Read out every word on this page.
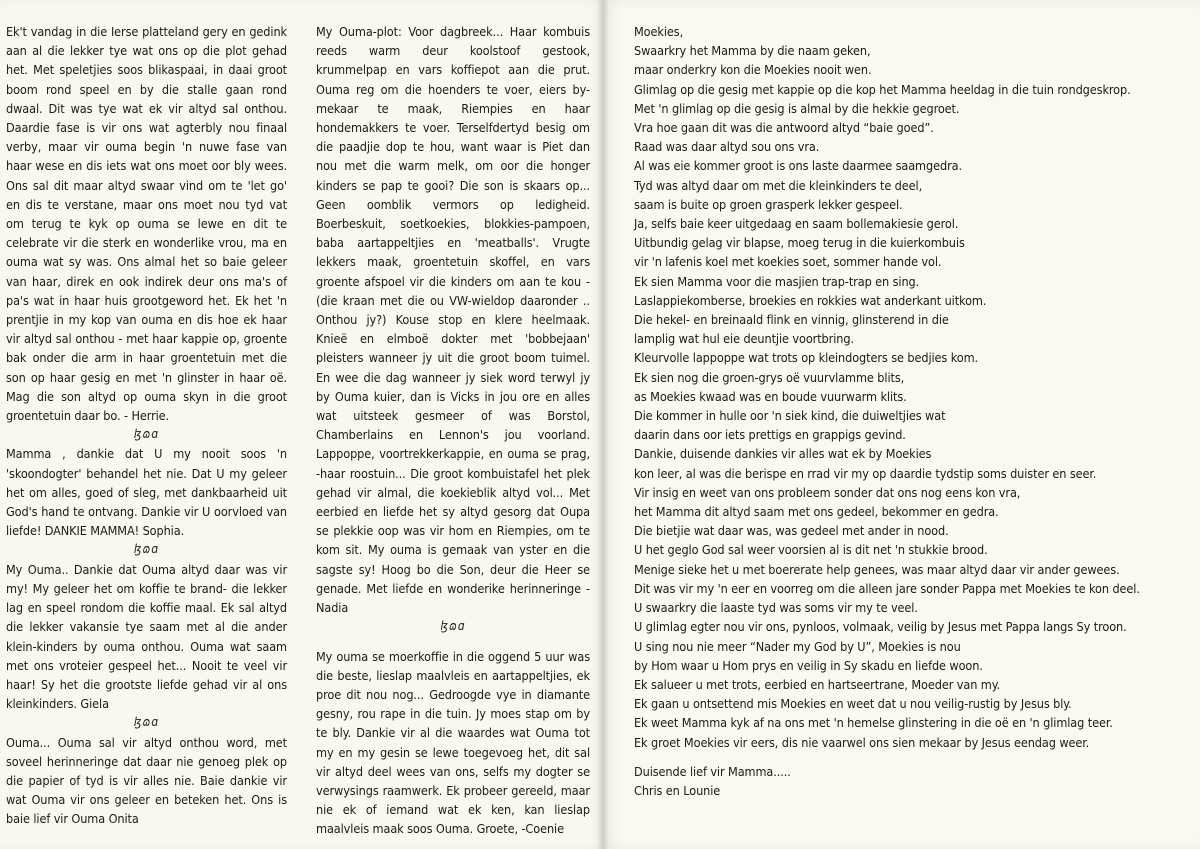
Ek't vandag in die Ierse platteland gery en gedink aan al die lekker tye wat ons op die plot gehad het. Met speletjies soos blikaspaai, in daai groot boom rond speel en by die stalle gaan rond dwaal. Dit was tye wat ek vir altyd sal onthou. Daardie fase is vir ons wat agterbly nou finaal verby, maar vir ouma begin 'n nuwe fase van haar wese en dis iets wat ons moet oor bly wees. Ons sal dit maar altyd swaar vind om te 'let go' en dis te verstane, maar ons moet nou tyd vat om terug te kyk op ouma se lewe en dit te celebrate vir die sterk en wonderlike vrou, ma en ouma wat sy was. Ons almal het so baie geleer van haar, direk en ook indirek deur ons ma's of pa's wat in haar huis grootgeword het. Ek het 'n prentjie in my kop van ouma en dis hoe ek haar vir altyd sal onthou - met haar kappie op, groente bak onder die arm in haar groentetuin met die son op haar gesig en met 'n glinster in haar oë. Mag die son altyd op ouma skyn in die groot groentetuin daar bo. - Herrie.

ɮɷɑ

Mamma , dankie dat U my nooit soos 'n 'skoondogter' behandel het nie. Dat U my geleer het om alles, goed of sleg, met dankbaarheid uit God's hand te ontvang. Dankie vir U oorvloed van liefde! DANKIE MAMMA! Sophia.

ɮɷɑ

My Ouma.. Dankie dat Ouma altyd daar was vir my! My geleer het om koffie te brand- die lekker lag en speel rondom die koffie maal. Ek sal altyd die lekker vakansie tye saam met al die ander klein-kinders by ouma onthou. Ouma wat saam met ons vroteier gespeel het... Nooit te veel vir haar! Sy het die grootste liefde gehad vir al ons kleinkinders. Giela

ɮɷɑ

Ouma... Ouma sal vir altyd onthou word, met soveel herinneringe dat daar nie genoeg plek op die papier of tyd is vir alles nie. Baie dankie vir wat Ouma vir ons geleer en beteken het. Ons is baie lief vir Ouma Onita

My Ouma-plot: Voor dagbreek... Haar kombuis reeds warm deur koolstoof gestook, krummelpap en vars koffiepot aan die prut. Ouma reg om die hoenders te voer, eiers by-mekaar te maak, Riempies en haar hondemakkers te voer. Terselfdertyd besig om die paadjie dop te hou, want waar is Piet dan nou met die warm melk, om oor die honger kinders se pap te gooi? Die son is skaars op... Geen oomblik vermors op ledigheid. Boerbeskuit, soetkoekies, blokkies-pampoen, baba aartappeltjies en 'meatballs'. Vrugte lekkers maak, groentetuin skoffel, en vars groente afspoel vir die kinders om aan te kou - (die kraan met die ou VW-wieldop daaronder .. Onthou jy?) Kouse stop en klere heelmaak. Knieë en elmboë dokter met 'bobbejaan' pleisters wanneer jy uit die groot boom tuimel. En wee die dag wanneer jy siek word terwyl jy by Ouma kuier, dan is Vicks in jou ore en alles wat uitsteek gesmeer of was Borstol, Chamberlains en Lennon's jou voorland. Lappoppe, voortrekkerkappie, en ouma se prag, -haar roostuin... Die groot kombuistafel het plek gehad vir almal, die koekieblik altyd vol... Met eerbied en liefde het sy altyd gesorg dat Oupa se plekkie oop was vir hom en Riempies, om te kom sit. My ouma is gemaak van yster en die sagste sy! Hoog bo die Son, deur die Heer se genade. Met liefde en wonderike herinneringe - Nadia

ɮɷɑ

My ouma se moerkoffie in die oggend 5 uur was die beste, lieslap maalvleis en aartappeltjies, ek proe dit nou nog... Gedroogde vye in diamante gesny, rou rape in die tuin. Jy moes stap om by te bly. Dankie vir al die waardes wat Ouma tot my en my gesin se lewe toegevoeg het, dit sal vir altyd deel wees van ons, selfs my dogter se verwysings raamwerk. Ek probeer gereeld, maar nie ek of iemand wat ek ken, kan lieslap maalvleis maak soos Ouma. Groete, -Coenie

Moekies,
Swaarkry het Mamma by die naam geken,
maar onderkry kon die Moekies nooit wen.
Glimlag op die gesig met kappie op die kop het Mamma heeldag in die tuin rondgeskrop.
Met 'n glimlag op die gesig is almal by die hekkie gegroet.
Vra hoe gaan dit was die antwoord altyd “baie goed”.
Raad was daar altyd sou ons vra.
Al was eie kommer groot is ons laste daarmee saamgedra.
Tyd was altyd daar om met die kleinkinders te deel,
saam is buite op groen grasperk lekker gespeel.
Ja, selfs baie keer uitgedaag en saam bollemakiesie gerol.
Uitbundig gelag vir blapse, moeg terug in die kuierkombuis
vir 'n lafenis koel met koekies soet, sommer hande vol.
Ek sien Mamma voor die masjien trap-trap en sing.
Laslappiekomberse, broekies en rokkies wat anderkant uitkom.
Die hekel- en breinaald flink en vinnig, glinsterend in die
lamplig wat hul eie deuntjie voortbring.
Kleurvolle lappoppe wat trots op kleindogters se bedjies kom.
Ek sien nog die groen-grys oë vuurvlamme blits,
as Moekies kwaad was en boude vuurwarm klits.
Die kommer in hulle oor 'n siek kind, die duiweltjies wat
daarin dans oor iets prettigs en grappigs gevind.
Dankie, duisende dankies vir alles wat ek by Moekies
kon leer, al was die berispe en rrad vir my op daardie tydstip soms duister en seer.
Vir insig en weet van ons probleem sonder dat ons nog eens kon vra,
het Mamma dit altyd saam met ons gedeel, bekommer en gedra.
Die bietjie wat daar was, was gedeel met ander in nood.
U het geglo God sal weer voorsien al is dit net 'n stukkie brood.
Menige sieke het u met boererate help genees, was maar altyd daar vir ander gewees.
Dit was vir my 'n eer en voorreg om die alleen jare sonder Pappa met Moekies te kon deel.
U swaarkry die laaste tyd was soms vir my te veel.
U glimlag egter nou vir ons, pynloos, volmaak, veilig by Jesus met Pappa langs Sy troon.
U sing nou nie meer “Nader my God by U”, Moekies is nou
by Hom waar u Hom prys en veilig in Sy skadu en liefde woon.
Ek salueer u met trots, eerbied en hartseertrane, Moeder van my.
Ek gaan u ontsettend mis Moekies en weet dat u nou veilig-rustig by Jesus bly.
Ek weet Mamma kyk af na ons met 'n hemelse glinstering in die oë en 'n glimlag teer.
Ek groet Moekies vir eers, dis nie vaarwel ons sien mekaar by Jesus eendag weer.
Duisende lief vir Mamma.....
Chris en Lounie
